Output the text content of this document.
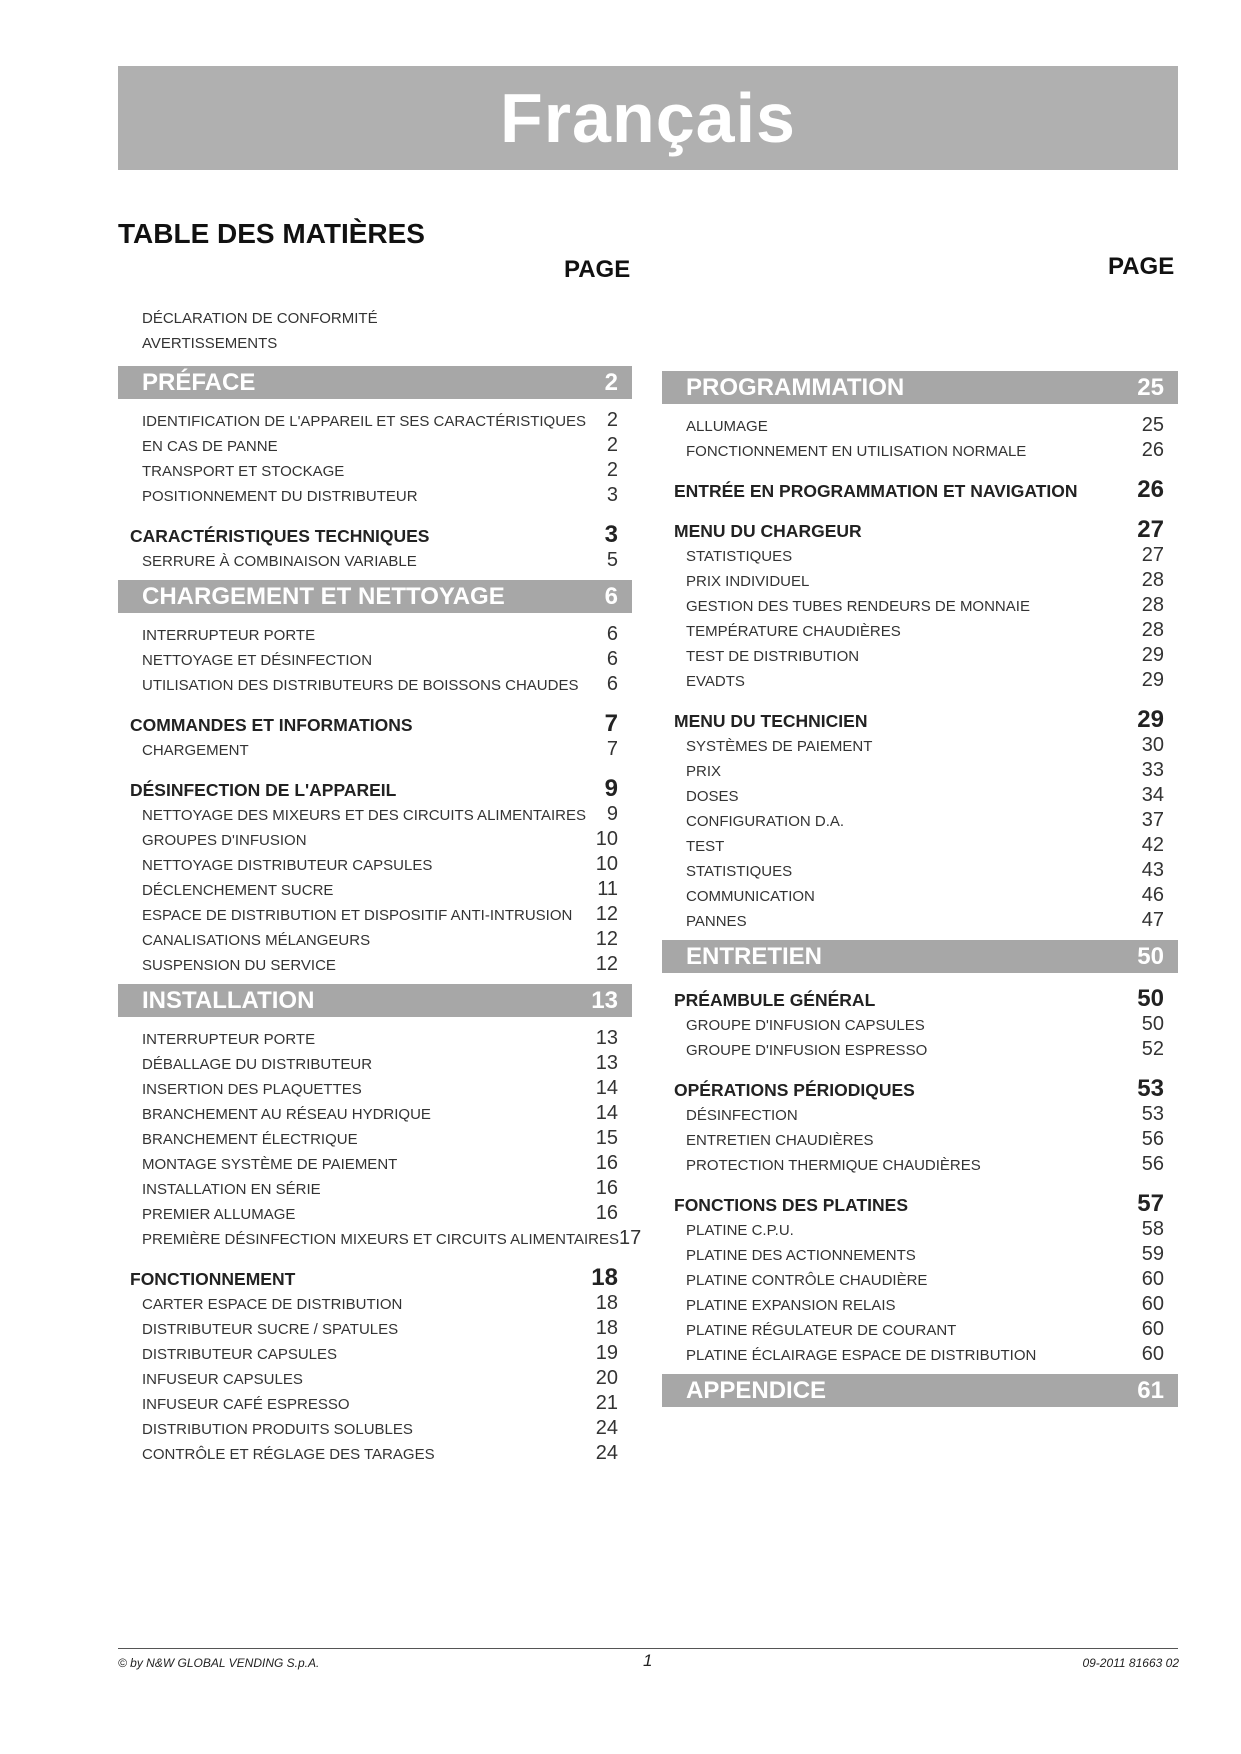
Français
TABLE DES MATIÈRES
PAGE	PAGE
DÉCLARATION DE CONFORMITÉ
AVERTISSEMENTS
PRÉFACE	2
IDENTIFICATION DE L'APPAREIL ET SES CARACTÉRISTIQUES 2
EN CAS DE PANNE	2
TRANSPORT ET STOCKAGE	2
POSITIONNEMENT DU DISTRIBUTEUR	3
CARACTÉRISTIQUES TECHNIQUES	3
SERRURE À COMBINAISON VARIABLE	5
CHARGEMENT ET NETTOYAGE	6
INTERRUPTEUR PORTE	6
NETTOYAGE ET DÉSINFECTION	6
UTILISATION DES DISTRIBUTEURS DE BOISSONS CHAUDES 6
COMMANDES ET INFORMATIONS	7
CHARGEMENT	7
DÉSINFECTION DE L'APPAREIL	9
NETTOYAGE DES MIXEURS ET DES CIRCUITS ALIMENTAIRES 9
GROUPES D'INFUSION	10
NETTOYAGE DISTRIBUTEUR CAPSULES	10
DÉCLENCHEMENT SUCRE	11
ESPACE DE DISTRIBUTION ET DISPOSITIF ANTI-INTRUSION 12
CANALISATIONS MÉLANGEURS	12
SUSPENSION DU SERVICE	12
INSTALLATION	13
INTERRUPTEUR PORTE	13
DÉBALLAGE DU DISTRIBUTEUR	13
INSERTION DES PLAQUETTES	14
BRANCHEMENT AU RÉSEAU HYDRIQUE	14
BRANCHEMENT ÉLECTRIQUE	15
MONTAGE SYSTÈME DE PAIEMENT	16
INSTALLATION EN SÉRIE	16
PREMIER ALLUMAGE	16
PREMIÈRE DÉSINFECTION MIXEURS ET CIRCUITS ALIMENTAIRES 17
FONCTIONNEMENT	18
CARTER ESPACE DE DISTRIBUTION	18
DISTRIBUTEUR SUCRE / SPATULES	18
DISTRIBUTEUR CAPSULES	19
INFUSEUR CAPSULES	20
INFUSEUR CAFÉ ESPRESSO	21
DISTRIBUTION PRODUITS SOLUBLES	24
CONTRÔLE ET RÉGLAGE DES TARAGES	24
PROGRAMMATION	25
ALLUMAGE	25
FONCTIONNEMENT EN UTILISATION NORMALE	26
ENTRÉE EN PROGRAMMATION ET NAVIGATION 26
MENU DU CHARGEUR	27
STATISTIQUES	27
PRIX INDIVIDUEL	28
GESTION DES TUBES RENDEURS DE MONNAIE	28
TEMPÉRATURE CHAUDIÈRES	28
TEST DE DISTRIBUTION	29
EVADTS	29
MENU DU TECHNICIEN	29
SYSTÈMES DE PAIEMENT	30
PRIX	33
DOSES	34
CONFIGURATION D.A.	37
TEST	42
STATISTIQUES	43
COMMUNICATION	46
PANNES	47
ENTRETIEN	50
PRÉAMBULE GÉNÉRAL	50
GROUPE D'INFUSION CAPSULES	50
GROUPE D'INFUSION ESPRESSO	52
OPÉRATIONS PÉRIODIQUES	53
DÉSINFECTION	53
ENTRETIEN CHAUDIÈRES	56
PROTECTION THERMIQUE CHAUDIÈRES	56
FONCTIONS DES PLATINES	57
PLATINE C.P.U.	58
PLATINE DES ACTIONNEMENTS	59
PLATINE CONTRÔLE CHAUDIÈRE	60
PLATINE EXPANSION RELAIS	60
PLATINE RÉGULATEUR DE COURANT	60
PLATINE ÉCLAIRAGE ESPACE DE DISTRIBUTION	60
APPENDICE	61
© by N&W GLOBAL VENDING S.p.A.	1	09-2011 81663 02
